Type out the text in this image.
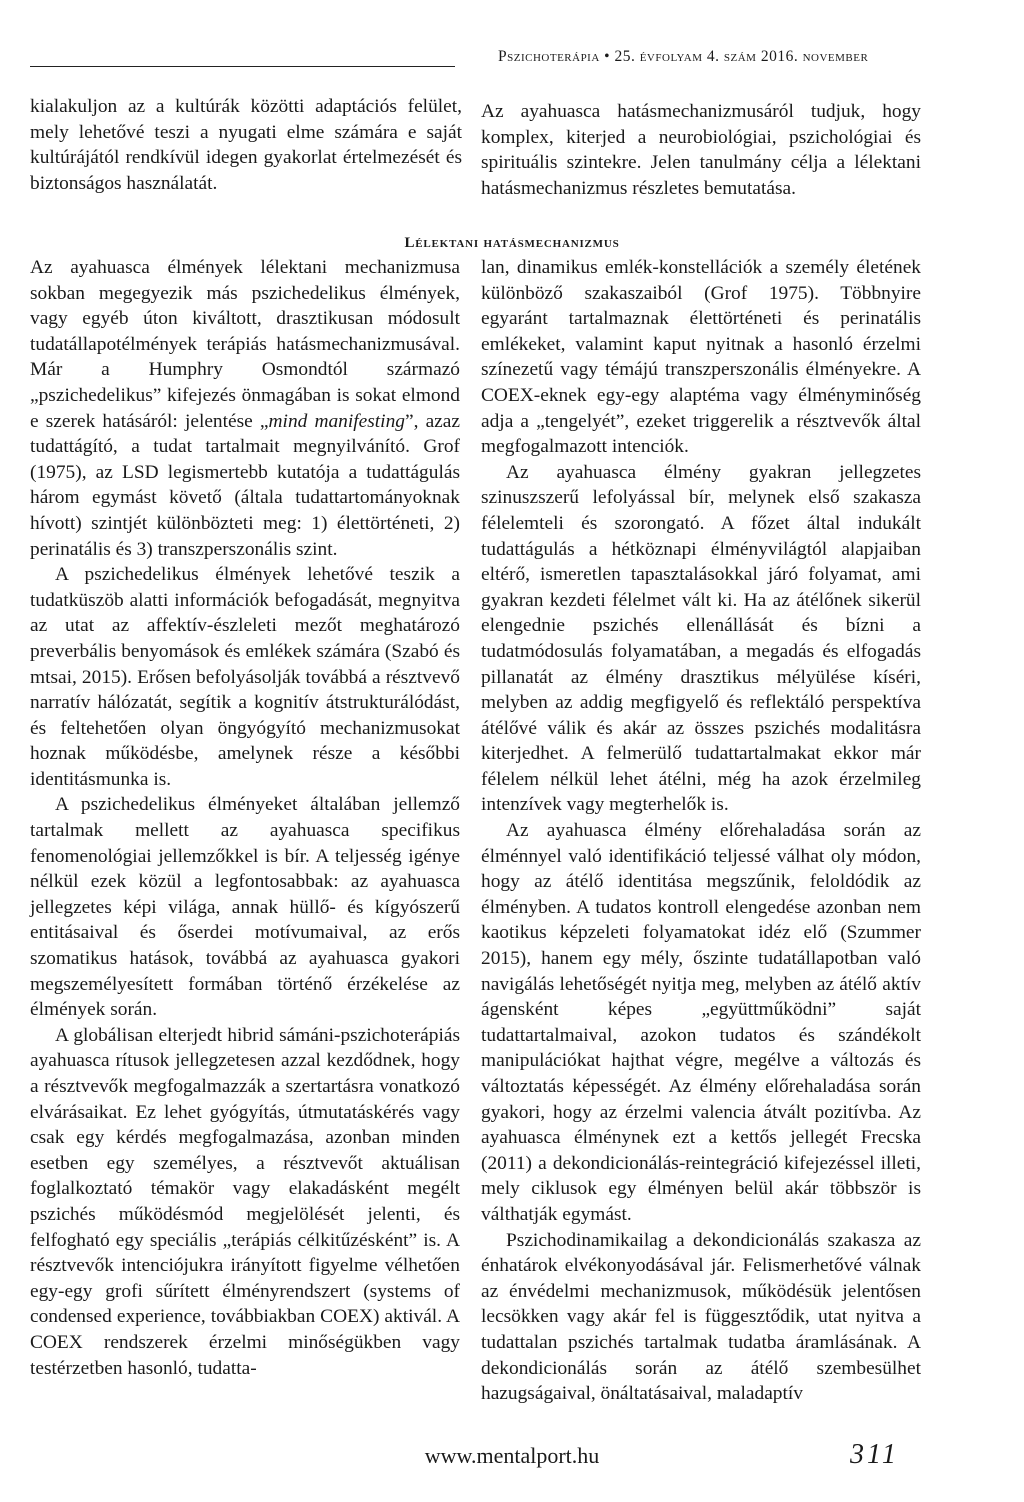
Pszichoterápia • 25. évfolyam 4. szám 2016. november

kialakuljon az a kultúrák közötti adaptációs felület, mely lehetővé teszi a nyugati elme számára e saját kultúrájától rendkívül idegen gyakorlat értelmezését és biztonságos használatát.

Az ayahuasca hatásmechanizmusáról tudjuk, hogy komplex, kiterjed a neurobiológiai, pszichológiai és spirituális szintekre. Jelen tanulmány célja a lélektani hatásmechanizmus részletes bemutatása.

Lélektani hatásmechanizmus

Az ayahuasca élmények lélektani mechanizmusa sokban megegyezik más pszichedelikus élmények, vagy egyéb úton kiváltott, drasztikusan módosult tudatállapotélmények terápiás hatásmechanizmusával. Már a Humphry Osmondtól származó „pszichedelikus” kifejezés önmagában is sokat elmond e szerek hatásáról: jelentése „mind manifesting”, azaz tudattágító, a tudat tartalmait megnyilvánító. Grof (1975), az LSD legismertebb kutatója a tudattágulás három egymást követő (általa tudattartományoknak hívott) szintjét különbözteti meg: 1) élettörténeti, 2) perinatális és 3) transzperszonális szint.

A pszichedelikus élmények lehetővé teszik a tudatküszöb alatti információk befogadását, megnyitva az utat az affektív-észleleti mezőt meghatározó preverbális benyomások és emlékek számára (Szabó és mtsai, 2015). Erősen befolyásolják továbbá a résztvevő narratív hálózatát, segítik a kognitív átstrukturálódást, és feltehetően olyan öngyógyító mechanizmusokat hoznak működésbe, amelynek része a későbbi identitásmunka is.

A pszichedelikus élményeket általában jellemző tartalmak mellett az ayahuasca specifikus fenomenológiai jellemzőkkel is bír. A teljesség igénye nélkül ezek közül a legfontosabbak: az ayahuasca jellegzetes képi világa, annak hüllő- és kígyószerű entitásaival és őserdei motívumaival, az erős szomatikus hatások, továbbá az ayahuasca gyakori megszemélyesített formában történő érzékelése az élmények során.

A globálisan elterjedt hibrid sámáni-pszichoterápiás ayahuasca rítusok jellegzetesen azzal kezdődnek, hogy a résztvevők megfogalmazzák a szertartásra vonatkozó elvárásaikat. Ez lehet gyógyítás, útmutatáskérés vagy csak egy kérdés megfogalmazása, azonban minden esetben egy személyes, a résztvevőt aktuálisan foglalkoztató témakör vagy elakadásként megélt pszichés működésmód megjelölését jelenti, és felfogható egy speciális „terápiás célkitűzésként” is. A résztvevők intenciójukra irányított figyelme vélhetően egy-egy grofi sűrített élményrendszert (systems of condensed experience, továbbiakban COEX) aktivál. A COEX rendszerek érzelmi minőségükben vagy testérzetben hasonló, tudatta-

lan, dinamikus emlék-konstellációk a személy életének különböző szakaszaiból (Grof 1975). Többnyire egyaránt tartalmaznak élettörténeti és perinatális emlékeket, valamint kaput nyitnak a hasonló érzelmi színezetű vagy témájú transzperszonális élményekre. A COEX-eknek egy-egy alaptéma vagy élményminőség adja a „tengelyét”, ezeket triggerelik a résztvevők által megfogalmazott intenciók.

Az ayahuasca élmény gyakran jellegzetes szinuszszerű lefolyással bír, melynek első szakasza félelemteli és szorongató. A főzet által indukált tudattágulás a hétköznapi élményvilágtól alapjaiban eltérő, ismeretlen tapasztalásokkal járó folyamat, ami gyakran kezdeti félelmet vált ki. Ha az átélőnek sikerül elengednie pszichés ellenállását és bízni a tudatmódosulás folyamatában, a megadás és elfogadás pillanatát az élmény drasztikus mélyülése kíséri, melyben az addig megfigyelő és reflektáló perspektíva átélővé válik és akár az összes pszichés modalitásra kiterjedhet. A felmerülő tudattartalmakat ekkor már félelem nélkül lehet átélni, még ha azok érzelmileg intenzívek vagy megterhelők is.

Az ayahuasca élmény előrehaladása során az élménnyel való identifikáció teljessé válhat oly módon, hogy az átélő identitása megszűnik, feloldódik az élményben. A tudatos kontroll elengedése azonban nem kaotikus képzeleti folyamatokat idéz elő (Szummer 2015), hanem egy mély, őszinte tudatállapotban való navigálás lehetőségét nyitja meg, melyben az átélő aktív ágensként képes „együttműködni” saját tudattartalmaival, azokon tudatos és szándékolt manipulációkat hajthat végre, megélve a változás és változtatás képességét. Az élmény előrehaladása során gyakori, hogy az érzelmi valencia átvált pozitívba. Az ayahuasca élménynek ezt a kettős jellegét Frecska (2011) a dekondicionálás-reintegráció kifejezéssel illeti, mely ciklusok egy élményen belül akár többször is válthatják egymást.

Pszichodinamikailag a dekondicionálás szakasza az énhatárok elvékonyodásával jár. Felismerhetővé válnak az énvédelmi mechanizmusok, működésük jelentősen lecsökken vagy akár fel is függesztődik, utat nyitva a tudattalan pszichés tartalmak tudatba áramlásának. A dekondicionálás során az átélő szembesülhet hazugságaival, önáltatásaival, maladaptív

www.mentalport.hu	311
